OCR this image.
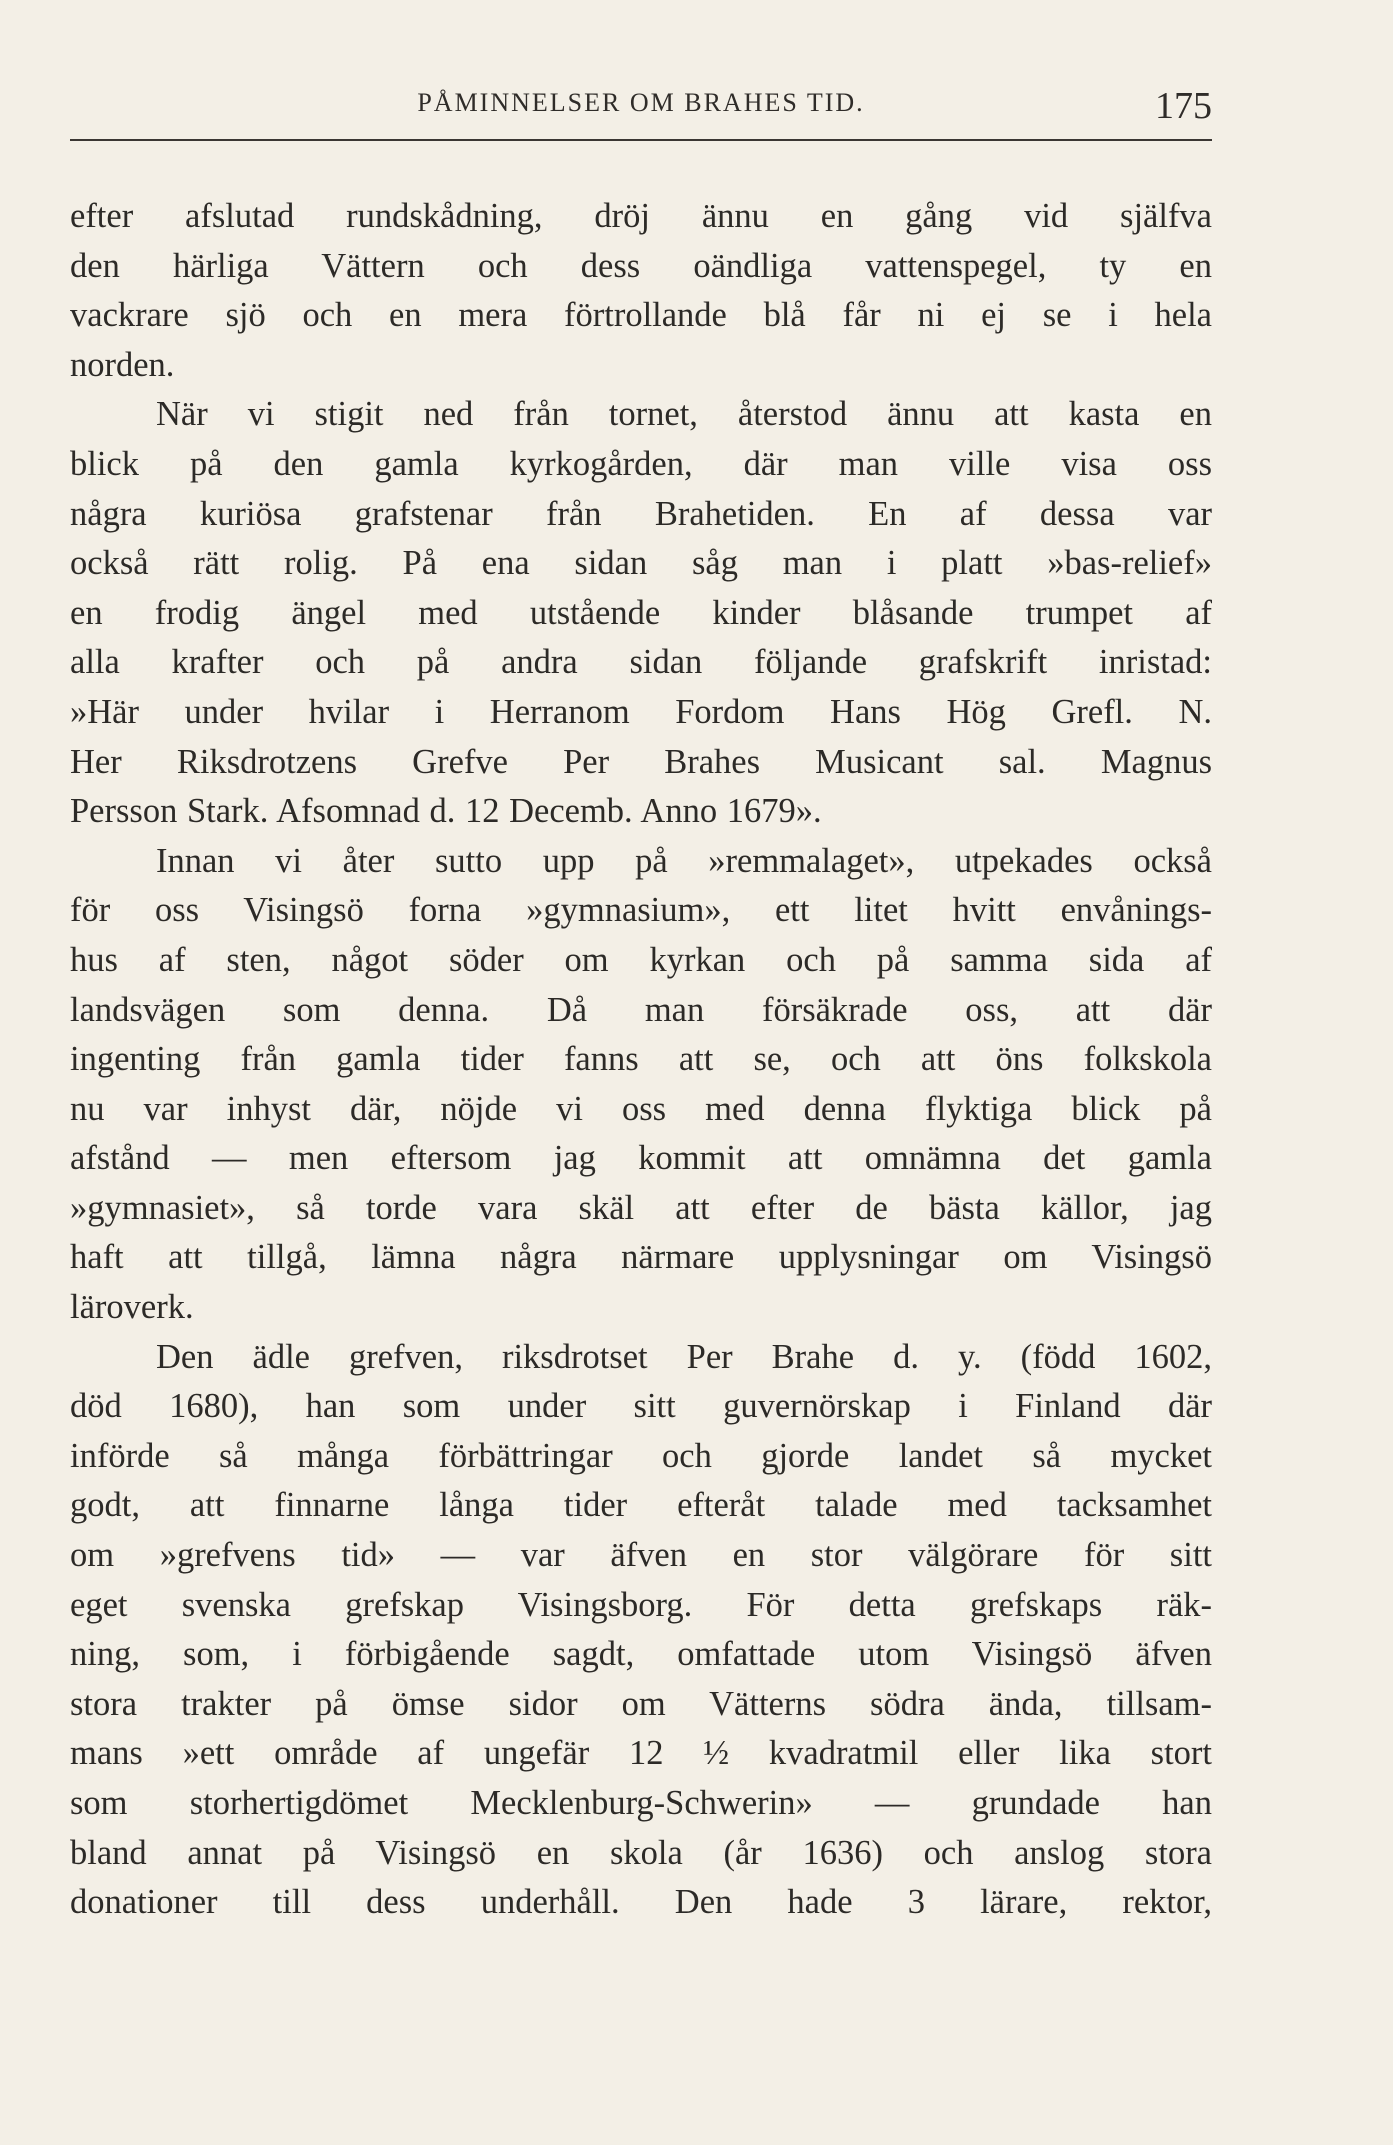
PÅMINNELSER OM BRAHES TID.	175
efter afslutad rundskådning, dröj ännu en gång vid själfva
den härliga Vättern och dess oändliga vattenspegel, ty en
vackrare sjö och en mera förtrollande blå får ni ej se i hela
norden.
När vi stigit ned från tornet, återstod ännu att kasta en
blick på den gamla kyrkogården, där man ville visa oss
några kuriösa grafstenar från Brahetiden. En af dessa var
också rätt rolig. På ena sidan såg man i platt »bas-relief»
en frodig ängel med utstående kinder blåsande trumpet af
alla krafter och på andra sidan följande grafskrift inristad:
»Här under hvilar i Herranom Fordom Hans Hög Grefl. N.
Her Riksdrotzens Grefve Per Brahes Musicant sal. Magnus
Persson Stark. Afsomnad d. 12 Decemb. Anno 1679».
Innan vi åter sutto upp på »remmalaget», utpekades också
för oss Visingsö forna »gymnasium», ett litet hvitt envånings-
hus af sten, något söder om kyrkan och på samma sida af
landsvägen som denna. Då man försäkrade oss, att där
ingenting från gamla tider fanns att se, och att öns folkskola
nu var inhyst där, nöjde vi oss med denna flyktiga blick på
afstånd — men eftersom jag kommit att omnämna det gamla
»gymnasiet», så torde vara skäl att efter de bästa källor, jag
haft att tillgå, lämna några närmare upplysningar om Visingsö
läroverk.
Den ädle grefven, riksdrotset Per Brahe d. y. (född 1602,
död 1680), han som under sitt guvernörskap i Finland där
införde så många förbättringar och gjorde landet så mycket
godt, att finnarne långa tider efteråt talade med tacksamhet
om »grefvens tid» — var äfven en stor välgörare för sitt
eget svenska grefskap Visingsborg. För detta grefskaps räk-
ning, som, i förbigående sagdt, omfattade utom Visingsö äfven
stora trakter på ömse sidor om Vätterns södra ända, tillsam-
mans »ett område af ungefär 12 ½ kvadratmil eller lika stort
som storhertigdömet Mecklenburg-Schwerin» — grundade han
bland annat på Visingsö en skola (år 1636) och anslog stora
donationer till dess underhåll. Den hade 3 lärare, rektor,
